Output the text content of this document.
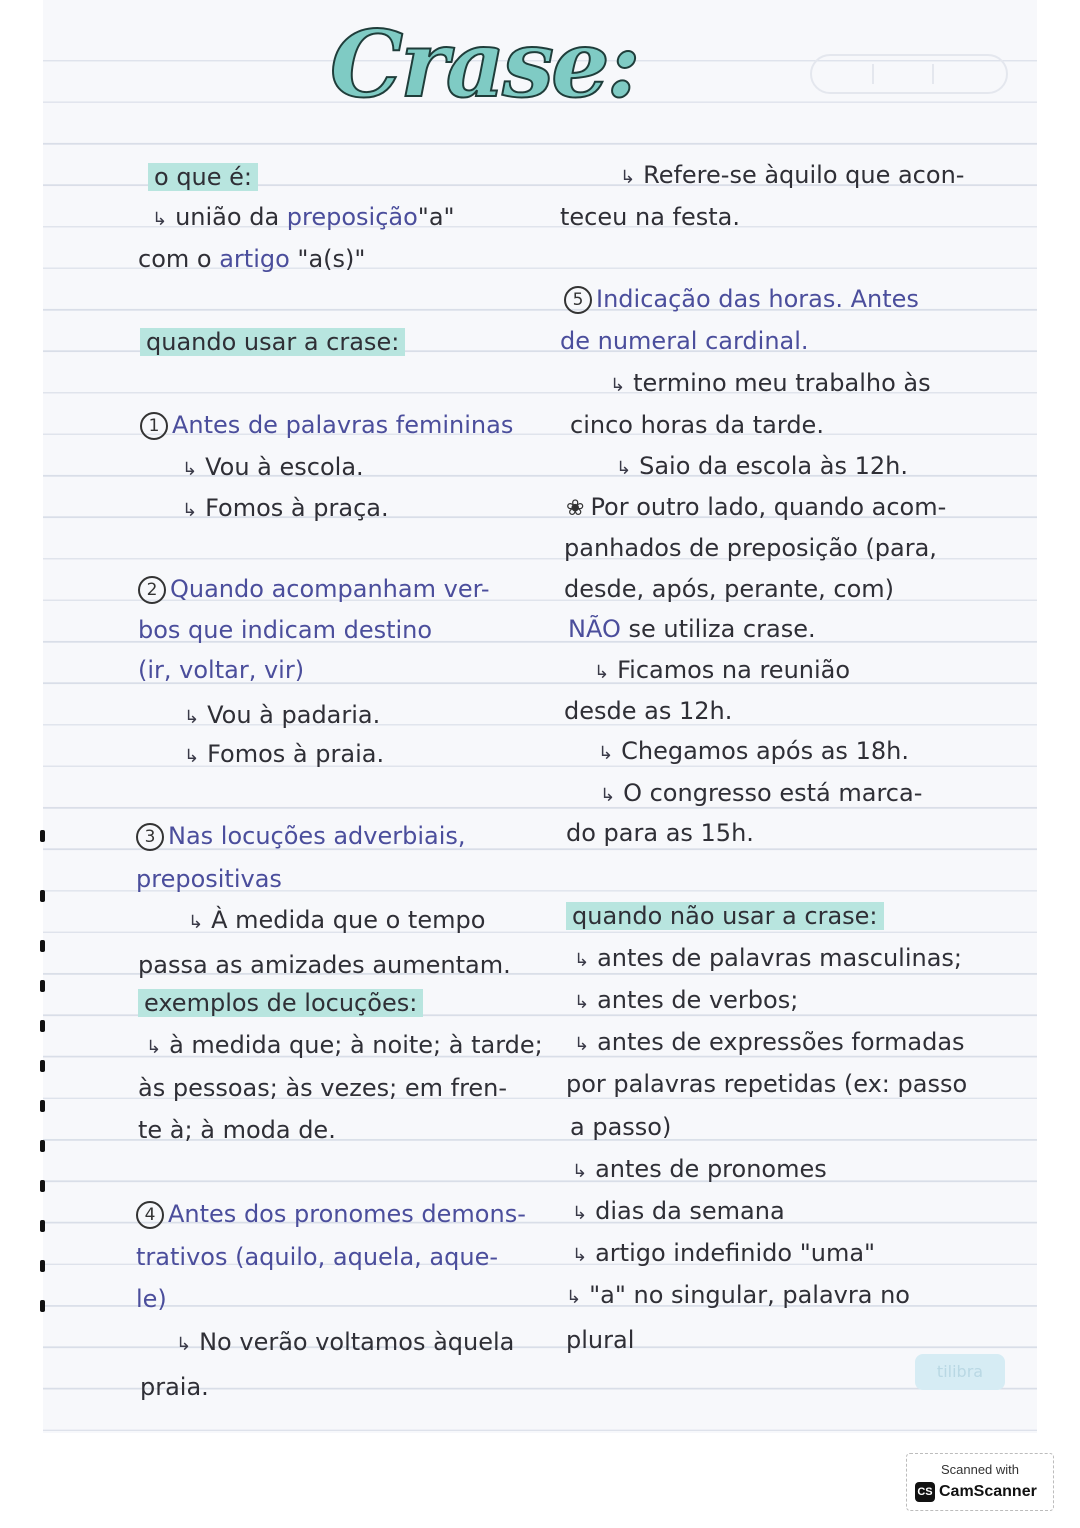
Crase:
o que é:
↳ união da preposição"a"
com o artigo "a(s)"
quando usar a crase:
1 Antes de palavras femininas
↳ Vou à escola.
↳ Fomos à praça.
2 Quando acompanham ver-
bos que indicam destino
(ir, voltar, vir)
↳ Vou à padaria.
↳ Fomos à praia.
3 Nas locuções adverbiais,
prepositivas
↳ À medida que o tempo
passa as amizades aumentam.
exemplos de locuções:
↳ à medida que; à noite; à tarde;
às pessoas; às vezes; em fren-
te à; à moda de.
4 Antes dos pronomes demons-
trativos (aquilo, aquela, aque-
le)
↳ No verão voltamos àquela
praia.
↳ Refere-se àquilo que acon-
teceu na festa.
5 Indicação das horas. Antes
de numeral cardinal.
↳ termino meu trabalho às
cinco horas da tarde.
↳ Saio da escola às 12h.
❀ Por outro lado, quando acom-
panhados de preposição (para,
desde, após, perante, com)
NÃO se utiliza crase.
↳ Ficamos na reunião
desde as 12h.
↳ Chegamos após as 18h.
↳ O congresso está marca-
do para as 15h.
quando não usar a crase:
↳ antes de palavras masculinas;
↳ antes de verbos;
↳ antes de expressões formadas
por palavras repetidas (ex: passo
a passo)
↳ antes de pronomes
↳ dias da semana
↳ artigo indefinido "uma"
↳ "a" no singular, palavra no
plural
tilibra
Scanned with
CS CamScanner
